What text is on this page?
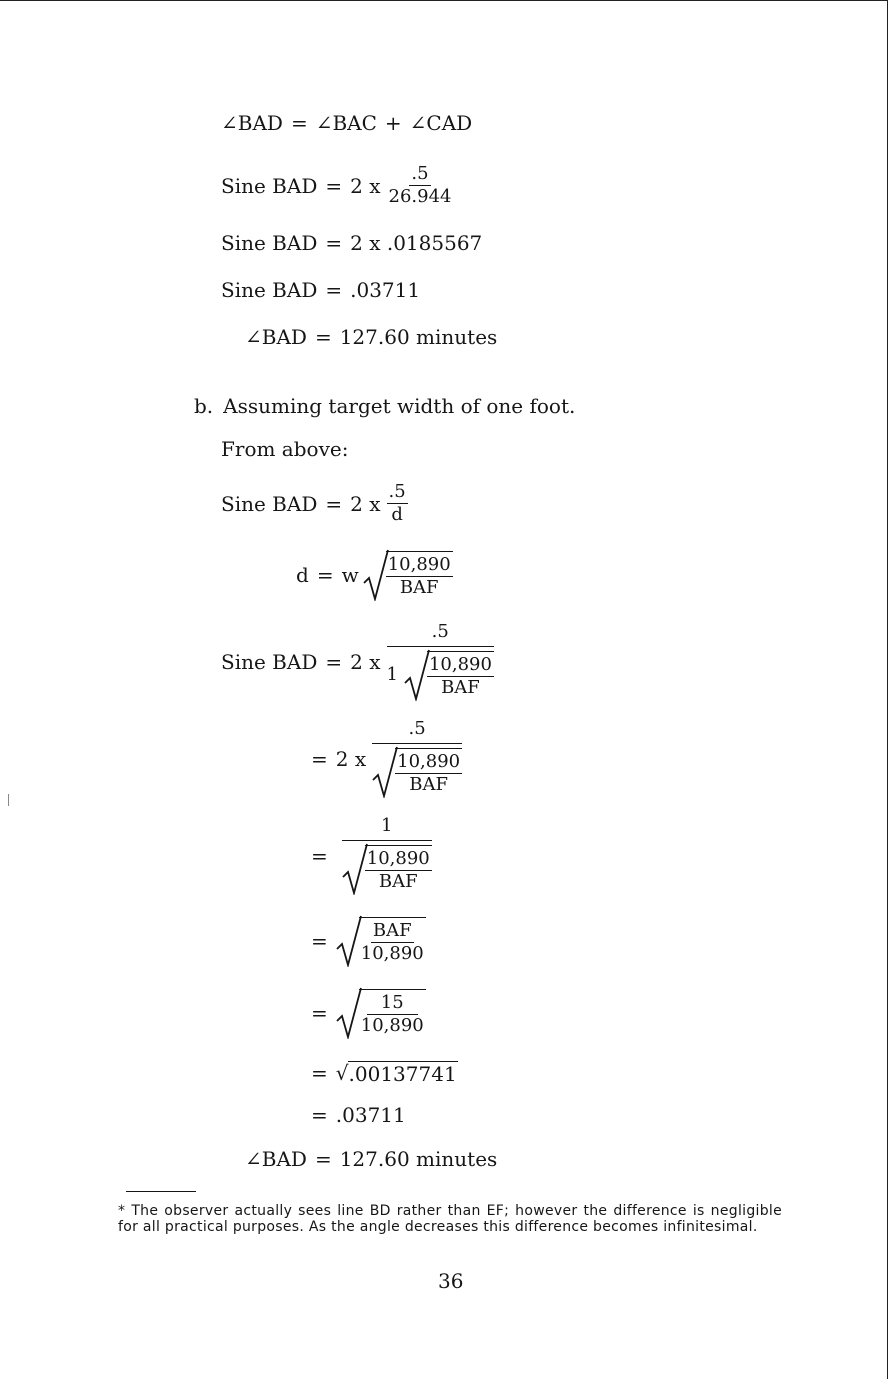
∠BAD = ∠BAC + ∠CAD
Sine BAD = 2 x $\frac{.5}{26.944}$
Sine BAD = 2 x .0185567
Sine BAD = .03711
∠BAD = 127.60 minutes
b. Assuming target width of one foot.
From above:
Sine BAD = 2 x $\frac{.5}{d}$
d = w $\frac{10,890}{\text{BAF}}$
Sine BAD = 2 x
.5
$1 \frac{10,890}{\text{BAF}}$
= 2 x $\frac{.5}{\frac{10,890}{\text{BAF}}}$
= $\frac{1}{\frac{10,890}{\text{BAF}}}$
= $\frac{\text{BAF}}{10,890}$
= $\frac{15}{10,890}$
= √ .00137741
= .03711
∠BAD = 127.60 minutes
* The observer actually sees line BD rather than EF; however the difference is negligible for all practical purposes. As the angle decreases this difference becomes infinitesimal.
36
